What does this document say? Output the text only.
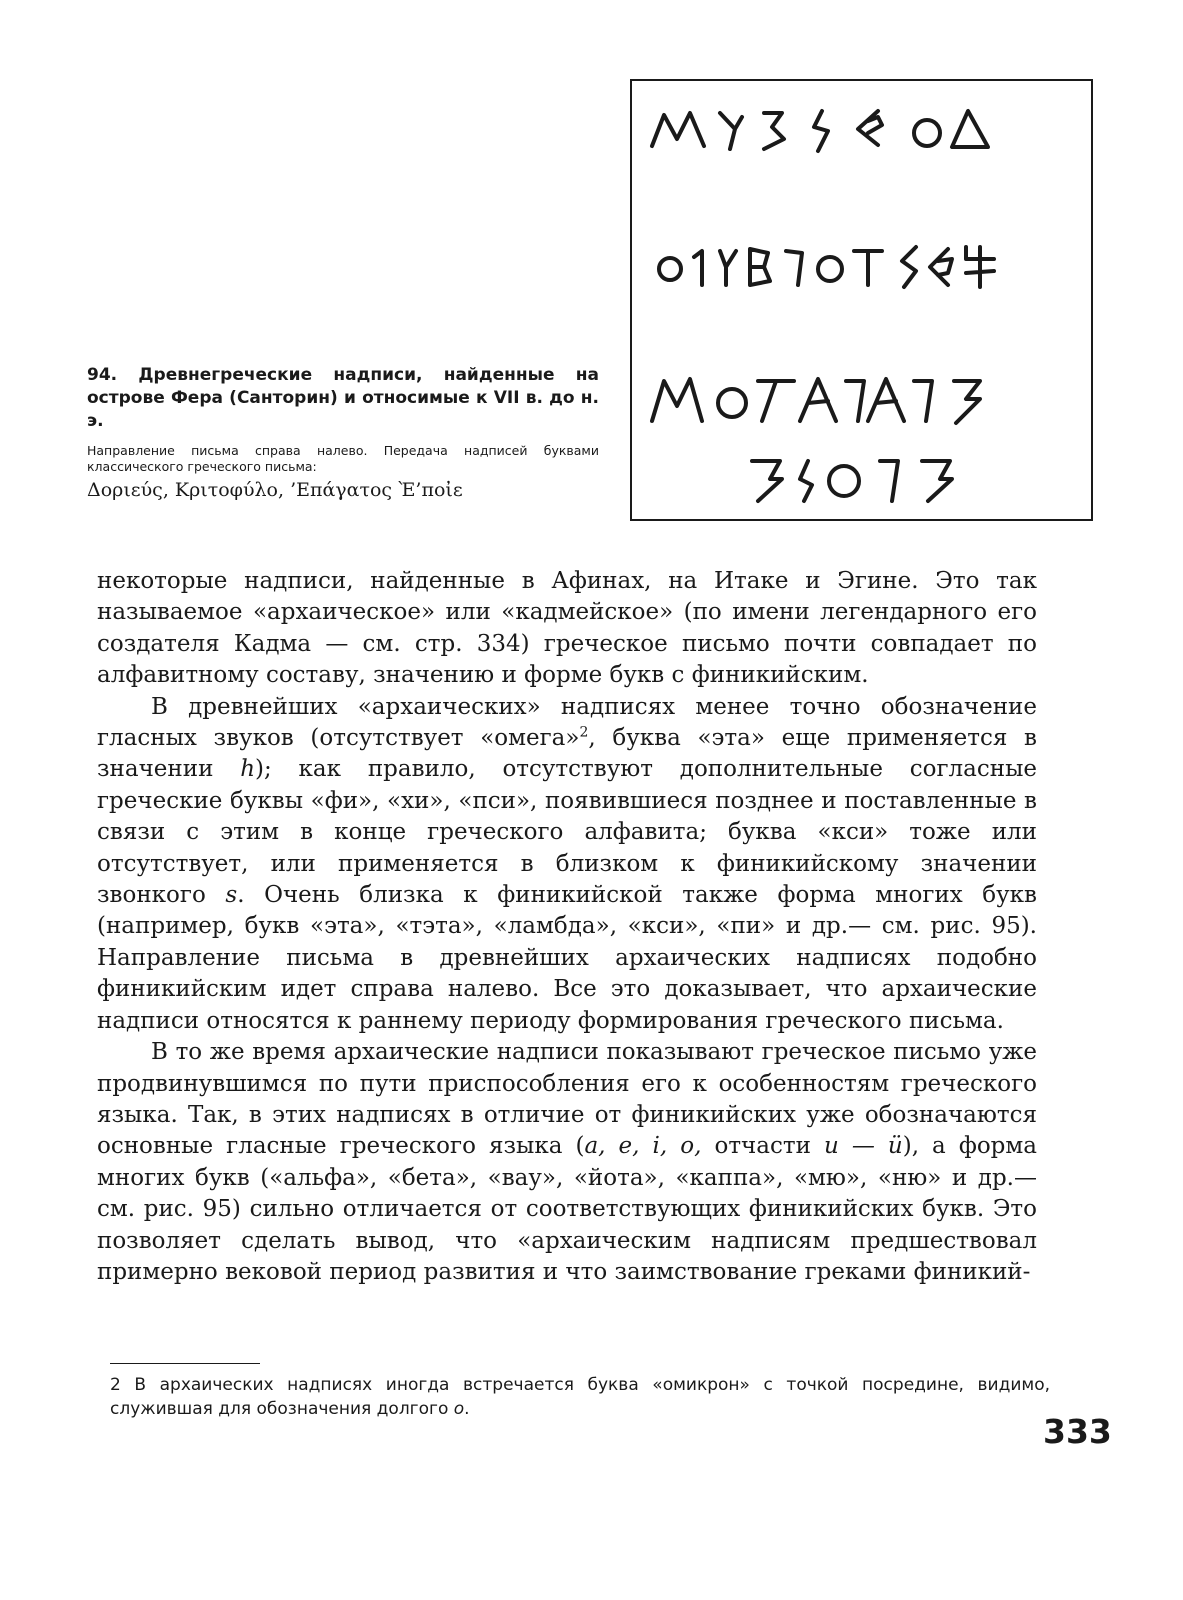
94. Древнегреческие надписи, найденные на острове Фера (Санторин) и относимые к VII в. до н. э.

Направление письма справа налево. Передача надписей буквами классического греческого письма:

Δοριεύς, Κριτοφύλο, ’Επάγατος Ὲ’ποἰε

некоторые надписи, найденные в Афинах, на Итаке и Эгине. Это так называемое «архаическое» или «кадмейское» (по имени легендарного его создателя Кадма — см. стр. 334) греческое письмо почти совпадает по алфавитному составу, значению и форме букв с финикийским.

В древнейших «архаических» надписях менее точно обозначение гласных звуков (отсутствует «омега»$^2$, буква «эта» еще применяется в значении h); как правило, отсутствуют дополнительные согласные греческие буквы «фи», «хи», «пси», появившиеся позднее и поставленные в связи с этим в конце греческого алфавита; буква «кси» тоже или отсутствует, или применяется в близком к финикийскому значении звонкого s. Очень близка к финикийской также форма многих букв (например, букв «эта», «тэта», «ламбда», «кси», «пи» и др.— см. рис. 95). Направление письма в древнейших архаических надписях подобно финикийским идет справа налево. Все это доказывает, что архаические надписи относятся к раннему периоду формирования греческого письма.

В то же время архаические надписи показывают греческое письмо уже продвинувшимся по пути приспособления его к особенностям греческого языка. Так, в этих надписях в отличие от финикийских уже обозначаются основные гласные греческого языка (a, e, i, o, отчасти u — ü), а форма многих букв («альфа», «бета», «вау», «йота», «каппа», «мю», «ню» и др.— см. рис. 95) сильно отличается от соответствующих финикийских букв. Это позволяет сделать вывод, что «архаическим надписям предшествовал примерно вековой период развития и что заимствование греками финикий-

2 В архаических надписях иногда встречается буква «омикрон» с точкой посредине, видимо, служившая для обозначения долгого о.
333
